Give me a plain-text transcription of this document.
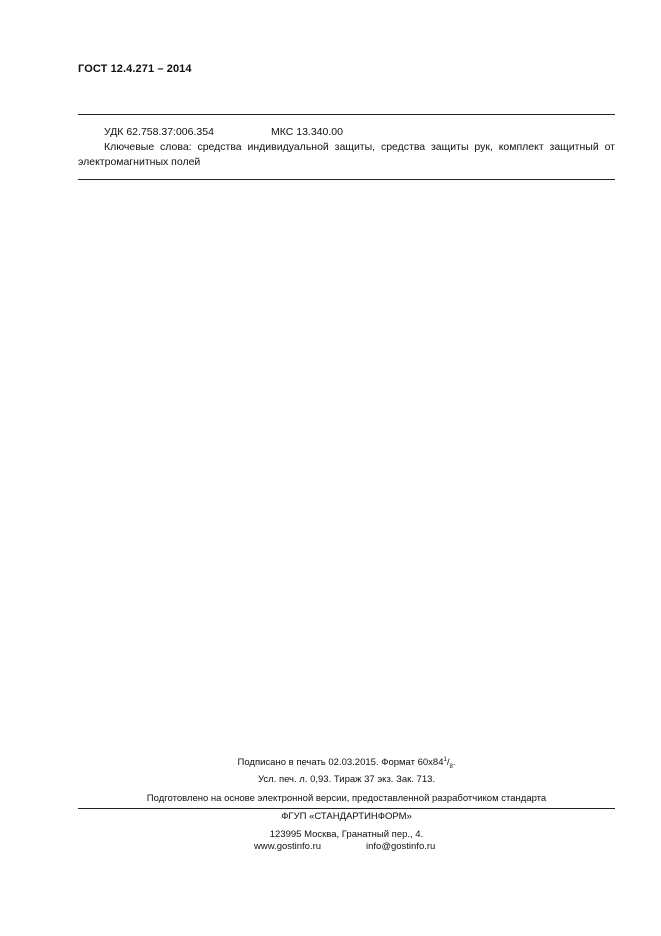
ГОСТ 12.4.271 – 2014
УДК 62.758.37:006.354	МКС 13.340.00
Ключевые слова: средства индивидуальной защиты, средства защиты рук, комплект защитный от электромагнитных полей
Подписано в печать 02.03.2015. Формат $60x84^1/_8$.
Усл. печ. л. 0,93. Тираж 37 экз. Зак. 713.
Подготовлено на основе электронной версии, предоставленной разработчиком стандарта
ФГУП «СТАНДАРТИНФОРМ»
123995 Москва, Гранатный пер., 4.
www.gostinfo.ru	info@gostinfo.ru
